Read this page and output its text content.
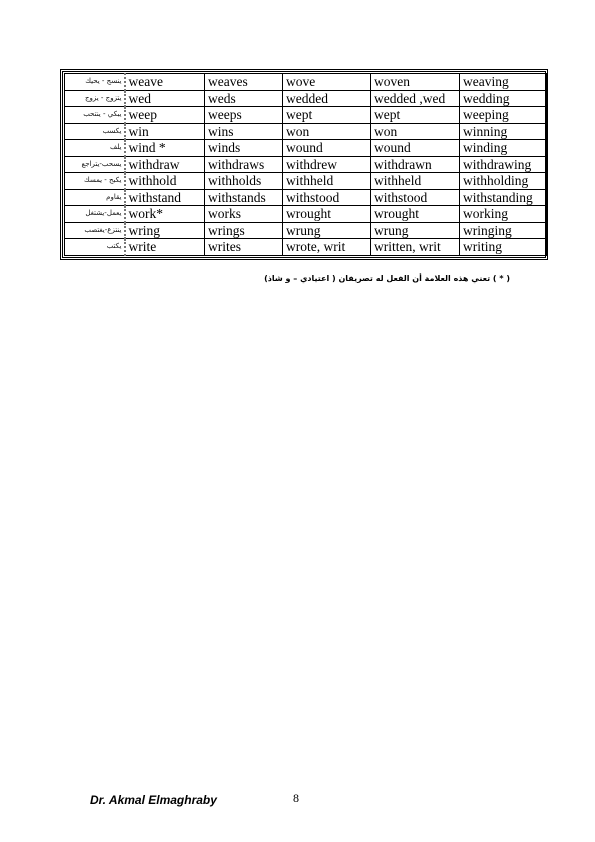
ينسج - يحيك	weave	weaves	wove	woven	weaving
يتزوج - يزوج	wed	weds	wedded	wedded ,wed	wedding
يبكي - ينتحب	weep	weeps	wept	wept	weeping
يكسب	win	wins	won	won	winning
يلف	wind *	winds	wound	wound	winding
يسحب-يتراجع	withdraw	withdraws	withdrew	withdrawn	withdrawing
يكبح - يمسك	withhold	withholds	withheld	withheld	withholding
يقاوم	withstand	withstands	withstood	withstood	withstanding
يعمل-يشتغل	work*	works	wrought	wrought	working
ينتزع-يغتصب	wring	wrings	wrung	wrung	wringing
يكتب	write	writes	wrote, writ	written, writ	writing
( * ) تعني هذه العلامة أن الفعل له تصريفان ( اعتيادي – و شاذ)
Dr. Akmal Elmaghraby	8
